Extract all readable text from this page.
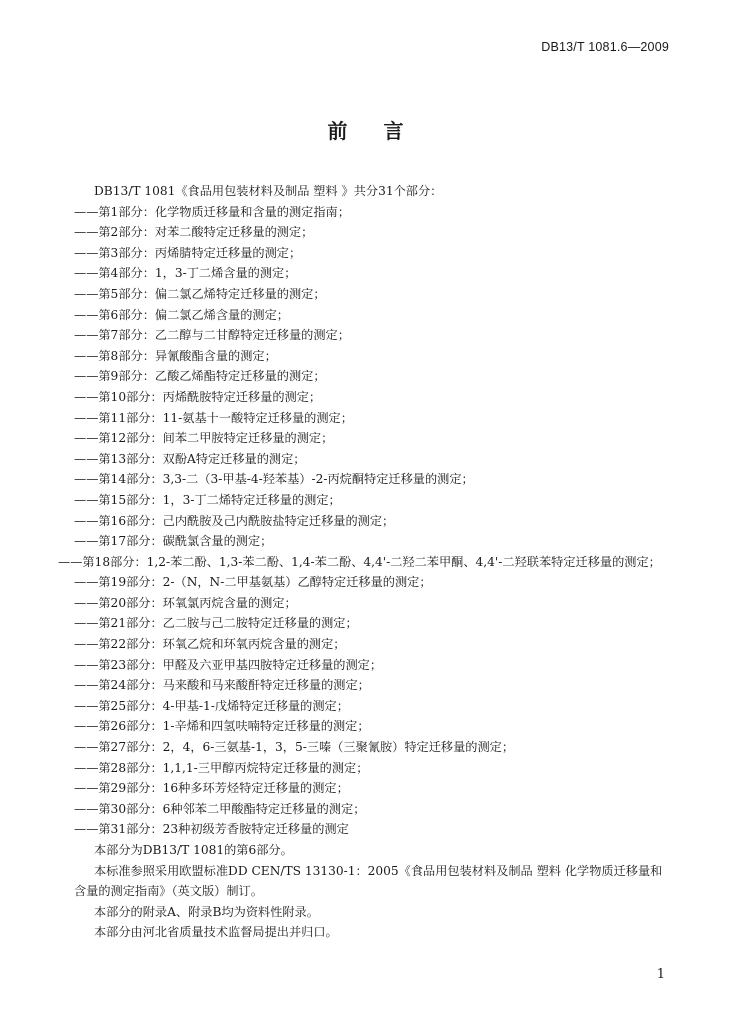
DB13/T 1081.6—2009
前 言

DB13/T 1081《食品用包装材料及制品 塑料 》共分31个部分：

——第1部分：化学物质迁移量和含量的测定指南；

——第2部分：对苯二酸特定迁移量的测定；

——第3部分：丙烯腈特定迁移量的测定；

——第4部分：1，3-丁二烯含量的测定；

——第5部分：偏二氯乙烯特定迁移量的测定；

——第6部分：偏二氯乙烯含量的测定；

——第7部分：乙二醇与二甘醇特定迁移量的测定；

——第8部分：异氰酸酯含量的测定；

——第9部分：乙酸乙烯酯特定迁移量的测定；

——第10部分：丙烯酰胺特定迁移量的测定；

——第11部分：11-氨基十一酸特定迁移量的测定；

——第12部分：间苯二甲胺特定迁移量的测定；

——第13部分：双酚A特定迁移量的测定；

——第14部分：3,3-二（3-甲基-4-羟苯基）-2-丙烷酮特定迁移量的测定；

——第15部分：1，3-丁二烯特定迁移量的测定；

——第16部分：己内酰胺及己内酰胺盐特定迁移量的测定；

——第17部分：碳酰氯含量的测定；

——第18部分：1,2-苯二酚、1,3-苯二酚、1,4-苯二酚、4,4'-二羟二苯甲酮、4,4'-二羟联苯特定迁移量的测定；

——第19部分：2-（N，N-二甲基氨基）乙醇特定迁移量的测定；

——第20部分：环氧氯丙烷含量的测定；

——第21部分：乙二胺与己二胺特定迁移量的测定；

——第22部分：环氧乙烷和环氧丙烷含量的测定；

——第23部分：甲醛及六亚甲基四胺特定迁移量的测定；

——第24部分：马来酸和马来酸酐特定迁移量的测定；

——第25部分：4-甲基-1-戊烯特定迁移量的测定；

——第26部分：1-辛烯和四氢呋喃特定迁移量的测定；

——第27部分：2，4，6-三氨基-1，3，5-三嗪（三聚氰胺）特定迁移量的测定；

——第28部分：1,1,1-三甲醇丙烷特定迁移量的测定；

——第29部分：16种多环芳烃特定迁移量的测定；

——第30部分：6种邻苯二甲酸酯特定迁移量的测定；

——第31部分：23种初级芳香胺特定迁移量的测定

本部分为DB13/T 1081的第6部分。

本标准参照采用欧盟标准DD CEN/TS 13130-1：2005《食品用包装材料及制品 塑料 化学物质迁移量和含量的测定指南》（英文版）制订。

本部分的附录A、附录B均为资料性附录。

本部分由河北省质量技术监督局提出并归口。

1
